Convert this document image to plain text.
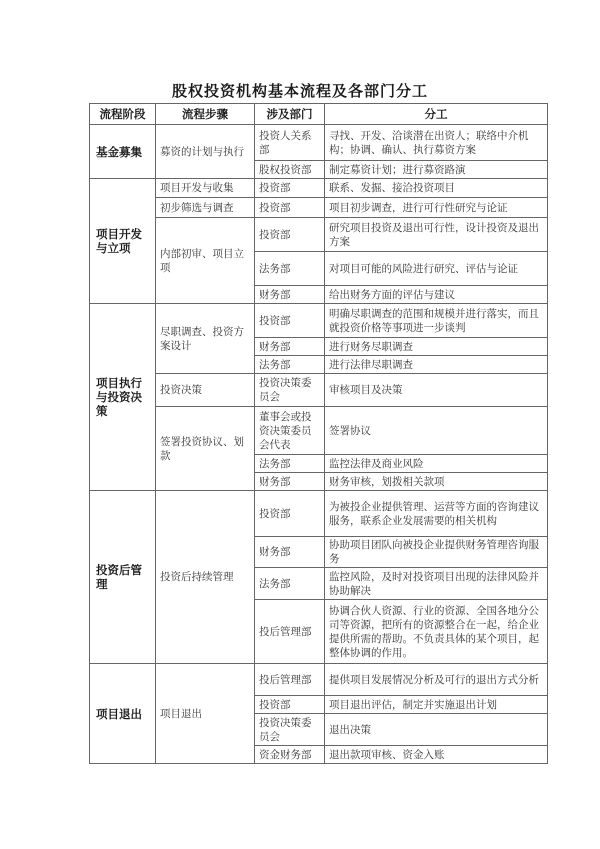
股权投资机构基本流程及各部门分工
流程阶段	流程步骤	涉及部门	分工
基金募集	募资的计划与执行	投资人关系部	寻找、开发、洽谈潜在出资人；联络中介机构；协调、确认、执行募资方案
		股权投资部	制定募资计划；进行募资路演
项目开发与立项	项目开发与收集	投资部	联系、发掘、接洽投资项目
	初步筛选与调查	投资部	项目初步调查，进行可行性研究与论证
	内部初审、项目立项	投资部	研究项目投资及退出可行性，设计投资及退出方案
		法务部	对项目可能的风险进行研究、评估与论证
		财务部	给出财务方面的评估与建议
项目执行与投资决策	尽职调查、投资方案设计	投资部	明确尽职调查的范围和规模并进行落实，而且就投资价格等事项进一步谈判
		财务部	进行财务尽职调查
		法务部	进行法律尽职调查
	投资决策	投资决策委员会	审核项目及决策
	签署投资协议、划款	董事会或投资决策委员会代表	签署协议
		法务部	监控法律及商业风险
		财务部	财务审核，划拨相关款项
投资后管理	投资后持续管理	投资部	为被投企业提供管理、运营等方面的咨询建议服务，联系企业发展需要的相关机构
		财务部	协助项目团队向被投企业提供财务管理咨询服务
		法务部	监控风险，及时对投资项目出现的法律风险并协助解决
		投后管理部	协调合伙人资源、行业的资源、全国各地分公司等资源，把所有的资源整合在一起，给企业提供所需的帮助。不负责具体的某个项目，起整体协调的作用。
项目退出	项目退出	投后管理部	提供项目发展情况分析及可行的退出方式分析
		投资部	项目退出评估，制定并实施退出计划
		投资决策委员会	退出决策
		资金财务部	退出款项审核、资金入账
